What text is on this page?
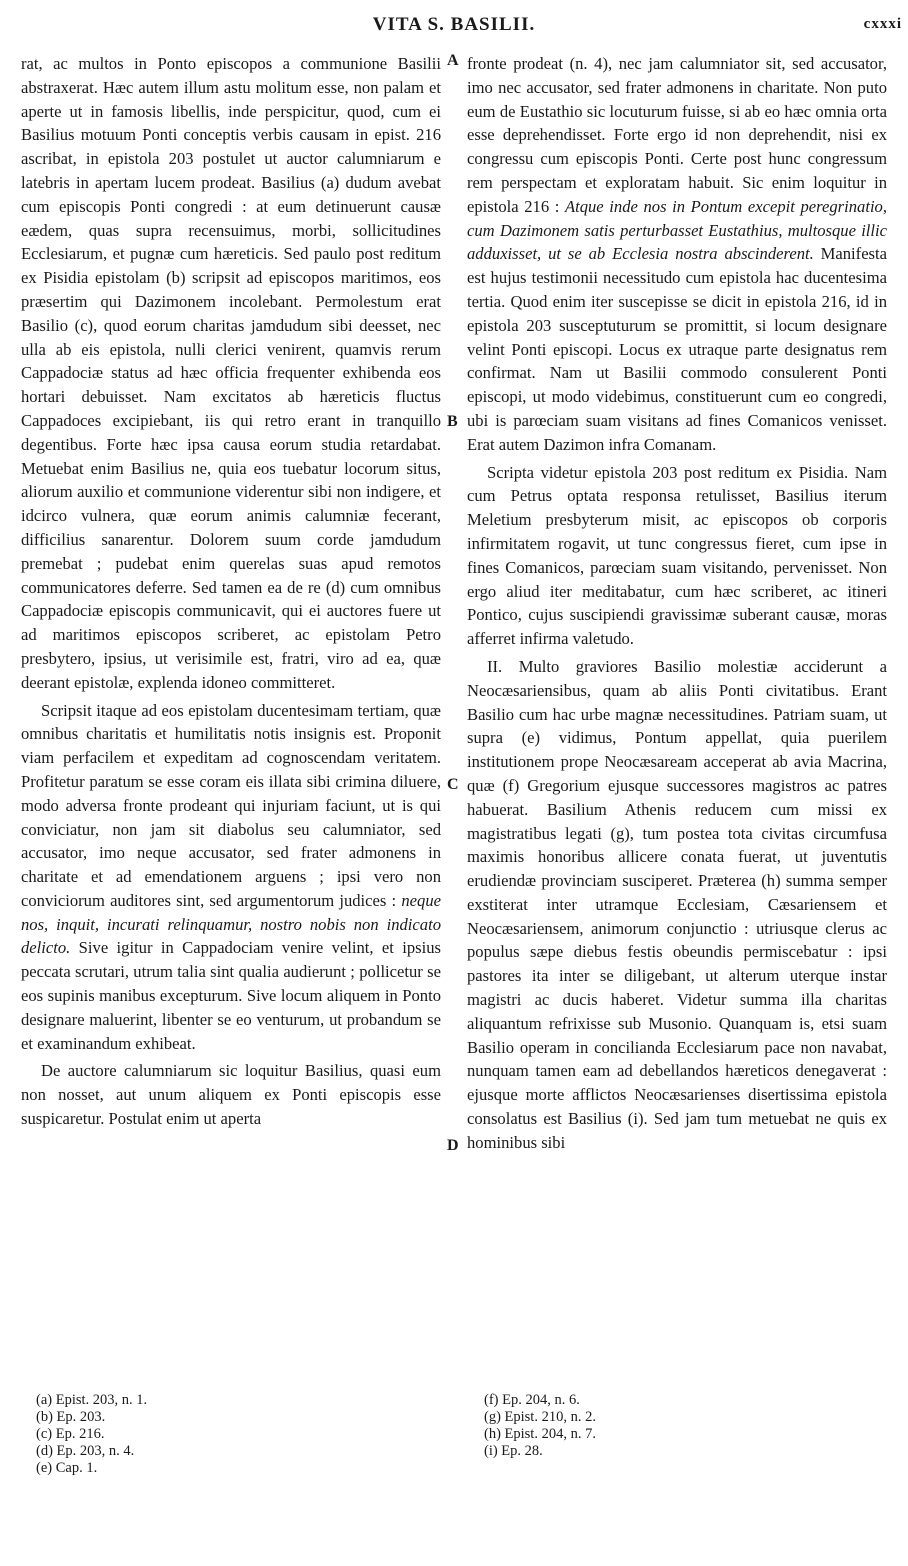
VITA S. BASILII.	cxxxi

rat, ac multos in Ponto episcopos a communione Basilii abstraxerat. Hæc autem illum astu molitum esse, non palam et aperte ut in famosis libellis, inde perspicitur, quod, cum ei Basilius motuum Ponti conceptis verbis causam in epist. 216 ascribat, in epistola 203 postulet ut auctor calumniarum e latebris in apertam lucem prodeat. Basilius (a) dudum avebat cum episcopis Ponti congredi : at eum detinuerunt causæ eædem, quas supra recensuimus, morbi, sollicitudines Ecclesiarum, et pugnæ cum hæreticis. Sed paulo post reditum ex Pisidia epistolam (b) scripsit ad episcopos maritimos, eos præsertim qui Dazimonem incolebant. Permolestum erat Basilio (c), quod eorum charitas jamdudum sibi deesset, nec ulla ab eis epistola, nulli clerici venirent, quamvis rerum Cappadociæ status ad hæc officia frequenter exhibenda eos hortari debuisset. Nam excitatos ab hæreticis fluctus Cappadoces excipiebant, iis qui retro erant in tranquillo degentibus. Forte hæc ipsa causa eorum studia retardabat. Metuebat enim Basilius ne, quia eos tuebatur locorum situs, aliorum auxilio et communione viderentur sibi non indigere, et idcirco vulnera, quæ eorum animis calumniæ fecerant, difficilius sanarentur. Dolorem suum corde jamdudum premebat ; pudebat enim querelas suas apud remotos communicatores deferre. Sed tamen ea de re (d) cum omnibus Cappadociæ episcopis communicavit, qui ei auctores fuere ut ad maritimos episcopos scriberet, ac epistolam Petro presbytero, ipsius, ut verisimile est, fratri, viro ad ea, quæ deerant epistolæ, explenda idoneo committeret.

Scripsit itaque ad eos epistolam ducentesimam tertiam, quæ omnibus charitatis et humilitatis notis insignis est. Proponit viam perfacilem et expeditam ad cognoscendam veritatem. Profitetur paratum se esse coram eis illata sibi crimina diluere, modo adversa fronte prodeant qui injuriam faciunt, ut is qui conviciatur, non jam sit diabolus seu calumniator, sed accusator, imo neque accusator, sed frater admonens in charitate et ad emendationem arguens ; ipsi vero non conviciorum auditores sint, sed argumentorum judices : neque nos, inquit, incurati relinquamur, nostro nobis non indicato delicto. Sive igitur in Cappadociam venire velint, et ipsius peccata scrutari, utrum talia sint qualia audierunt ; pollicetur se eos supinis manibus excepturum. Sive locum aliquem in Ponto designare maluerint, libenter se eo venturum, ut probandum se et examinandum exhibeat.

De auctore calumniarum sic loquitur Basilius, quasi eum non nosset, aut unum aliquem ex Ponti episcopis esse suspicaretur. Postulat enim ut aperta

A
B
C
D

fronte prodeat (n. 4), nec jam calumniator sit, sed accusator, imo nec accusator, sed frater admonens in charitate. Non puto eum de Eustathio sic locuturum fuisse, si ab eo hæc omnia orta esse deprehendisset. Forte ergo id non deprehendit, nisi ex congressu cum episcopis Ponti. Certe post hunc congressum rem perspectam et exploratam habuit. Sic enim loquitur in epistola 216 : Atque inde nos in Pontum excepit peregrinatio, cum Dazimonem satis perturbasset Eustathius, multosque illic adduxisset, ut se ab Ecclesia nostra abscinderent. Manifesta est hujus testimonii necessitudo cum epistola hac ducentesima tertia. Quod enim iter suscepisse se dicit in epistola 216, id in epistola 203 susceptuturum se promittit, si locum designare velint Ponti episcopi. Locus ex utraque parte designatus rem confirmat. Nam ut Basilii commodo consulerent Ponti episcopi, ut modo videbimus, constituerunt cum eo congredi, ubi is parœciam suam visitans ad fines Comanicos venisset. Erat autem Dazimon infra Comanam.

Scripta videtur epistola 203 post reditum ex Pisidia. Nam cum Petrus optata responsa retulisset, Basilius iterum Meletium presbyterum misit, ac episcopos ob corporis infirmitatem rogavit, ut tunc congressus fieret, cum ipse in fines Comanicos, parœciam suam visitando, pervenisset. Non ergo aliud iter meditabatur, cum hæc scriberet, ac itineri Pontico, cujus suscipiendi gravissimæ suberant causæ, moras afferret infirma valetudo.

II. Multo graviores Basilio molestiæ acciderunt a Neocæsariensibus, quam ab aliis Ponti civitatibus. Erant Basilio cum hac urbe magnæ necessitudines. Patriam suam, ut supra (e) vidimus, Pontum appellat, quia puerilem institutionem prope Neocæsaream acceperat ab avia Macrina, quæ (f) Gregorium ejusque successores magistros ac patres habuerat. Basilium Athenis reducem cum missi ex magistratibus legati (g), tum postea tota civitas circumfusa maximis honoribus allicere conata fuerat, ut juventutis erudiendæ provinciam susciperet. Præterea (h) summa semper exstiterat inter utramque Ecclesiam, Cæsariensem et Neocæsariensem, animorum conjunctio : utriusque clerus ac populus sæpe diebus festis obeundis permiscebatur : ipsi pastores ita inter se diligebant, ut alterum uterque instar magistri ac ducis haberet. Videtur summa illa charitas aliquantum refrixisse sub Musonio. Quanquam is, etsi suam Basilio operam in concilianda Ecclesiarum pace non navabat, nunquam tamen eam ad debellandos hæreticos denegaverat : ejusque morte afflictos Neocæsarienses disertissima epistola consolatus est Basilius (i). Sed jam tum metuebat ne quis ex hominibus sibi

(a) Epist. 203, n. 1.
(b) Ep. 203.
(c) Ep. 216.
(d) Ep. 203, n. 4.
(e) Cap. 1.
(f) Ep. 204, n. 6.
(g) Epist. 210, n. 2.
(h) Epist. 204, n. 7.
(i) Ep. 28.
